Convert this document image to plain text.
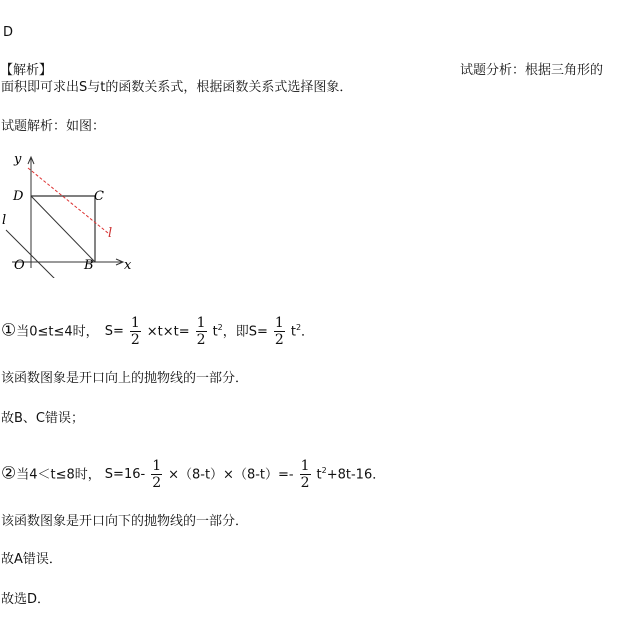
D
【解析】	试题分析：根据三角形的
面积即可求出S与t的函数关系式，根据函数关系式选择图象．
试题解析：如图：
y
D	C
l
O	B x
l
①当0≤t≤4时， $S= \frac{1}{2} \times t\times t= \frac{1}{2} t^2$，即$S= \frac{1}{2} t^2$．
该函数图象是开口向上的抛物线的一部分．
故B、C错误；
②当4＜t≤8时， $S=16- \frac{1}{2} \times(8-t)\times(8-t)=- \frac{1}{2} t^2+8t-16$．
该函数图象是开口向下的抛物线的一部分．
故A错误．
故选D．
